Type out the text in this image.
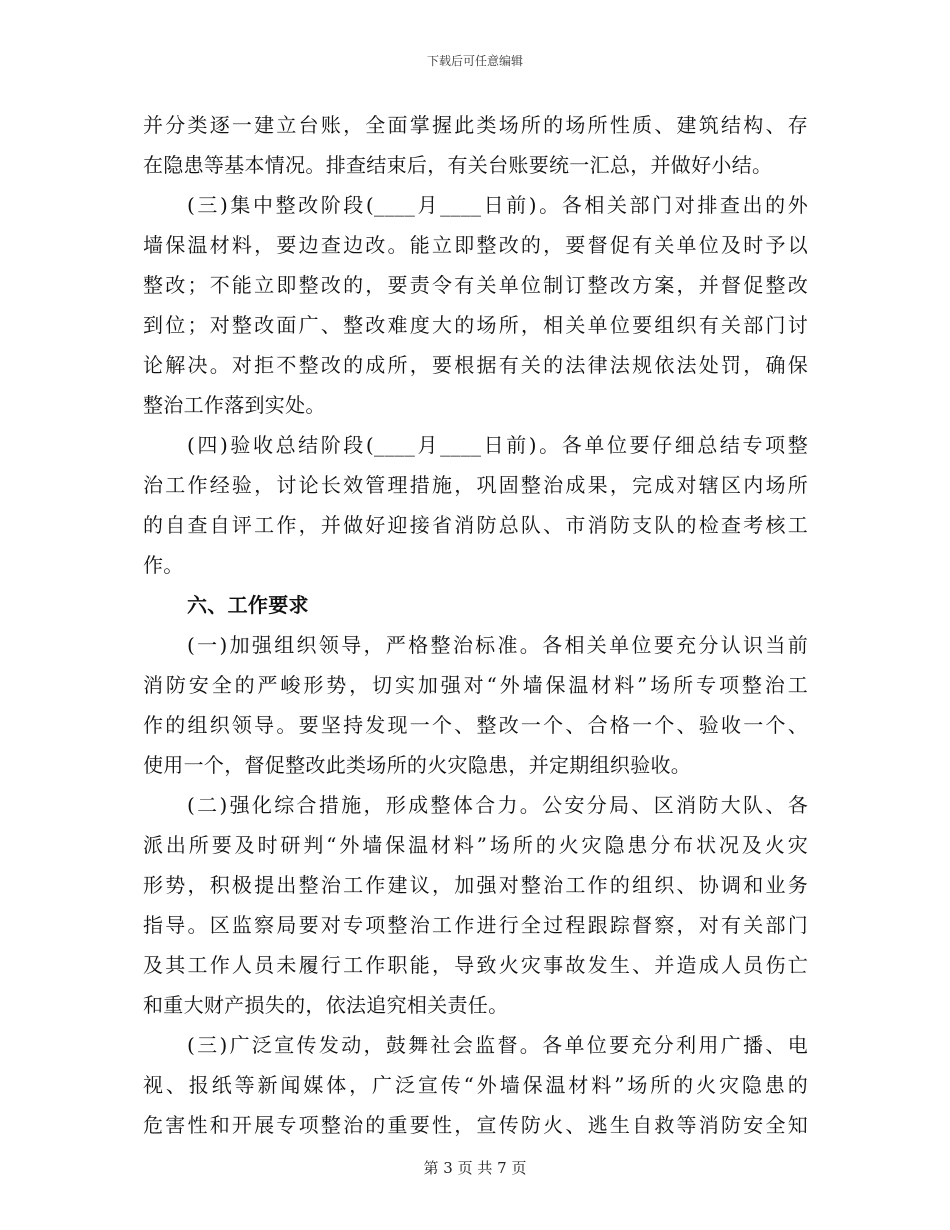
下载后可任意编辑
并分类逐一建立台账，全面掌握此类场所的场所性质、建筑结构、存
在隐患等基本情况。排查结束后，有关台账要统一汇总，并做好小结。
(三)集中整改阶段(____月____日前)。各相关部门对排查出的外
墙保温材料，要边查边改。能立即整改的，要督促有关单位及时予以
整改；不能立即整改的，要责令有关单位制订整改方案，并督促整改
到位；对整改面广、整改难度大的场所，相关单位要组织有关部门讨
论解决。对拒不整改的成所，要根据有关的法律法规依法处罚，确保
整治工作落到实处。
(四)验收总结阶段(____月____日前)。各单位要仔细总结专项整
治工作经验，讨论长效管理措施，巩固整治成果，完成对辖区内场所
的自查自评工作，并做好迎接省消防总队、市消防支队的检查考核工
作。
六、工作要求
(一)加强组织领导，严格整治标准。各相关单位要充分认识当前
消防安全的严峻形势，切实加强对“外墙保温材料”场所专项整治工
作的组织领导。要坚持发现一个、整改一个、合格一个、验收一个、
使用一个，督促整改此类场所的火灾隐患，并定期组织验收。
(二)强化综合措施，形成整体合力。公安分局、区消防大队、各
派出所要及时研判“外墙保温材料”场所的火灾隐患分布状况及火灾
形势，积极提出整治工作建议，加强对整治工作的组织、协调和业务
指导。区监察局要对专项整治工作进行全过程跟踪督察，对有关部门
及其工作人员未履行工作职能，导致火灾事故发生、并造成人员伤亡
和重大财产损失的，依法追究相关责任。
(三)广泛宣传发动，鼓舞社会监督。各单位要充分利用广播、电
视、报纸等新闻媒体，广泛宣传“外墙保温材料”场所的火灾隐患的
危害性和开展专项整治的重要性，宣传防火、逃生自救等消防安全知
第 3 页 共 7 页
